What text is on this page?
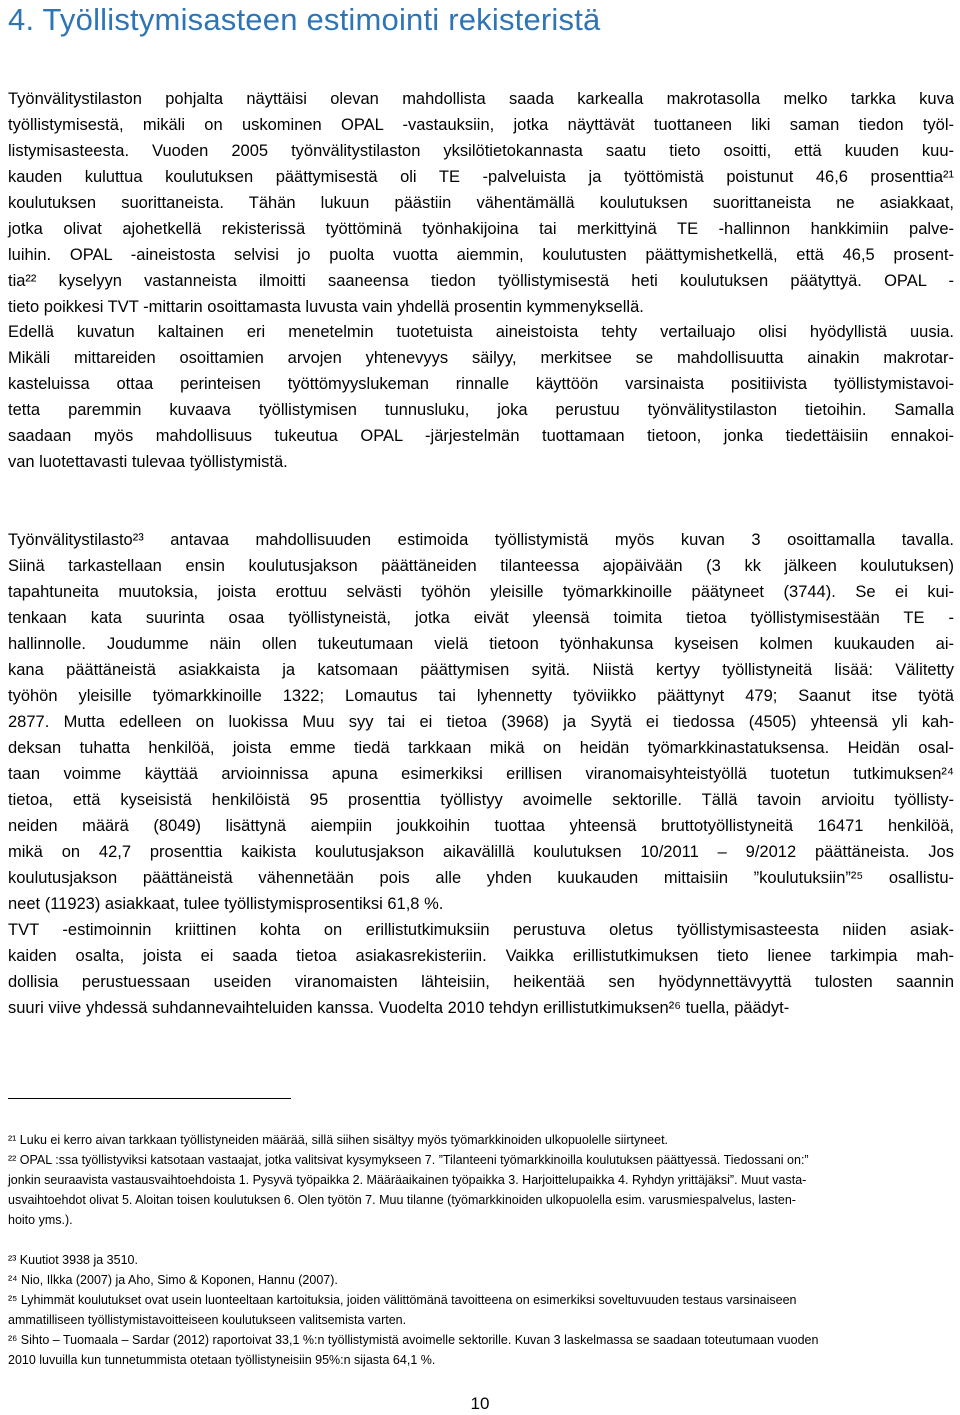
4. Työllistymisasteen estimointi rekisteristä
Työnvälitystilaston pohjalta näyttäisi olevan mahdollista saada karkealla makrotasolla melko tarkka kuva
työllistymisestä, mikäli on uskominen OPAL -vastauksiin, jotka näyttävät tuottaneen liki saman tiedon työl-
listymisasteesta. Vuoden 2005 työnvälitystilaston yksilötietokannasta saatu tieto osoitti, että kuuden kuu-
kauden kuluttua koulutuksen päättymisestä oli TE -palveluista ja työttömistä poistunut 46,6 prosenttia²¹
koulutuksen suorittaneista. Tähän lukuun päästiin vähentämällä koulutuksen suorittaneista ne asiakkaat,
jotka olivat ajohetkellä rekisterissä työttöminä työnhakijoina tai merkittyinä TE -hallinnon hankkimiin palve-
luihin. OPAL -aineistosta selvisi jo puolta vuotta aiemmin, koulutusten päättymishetkellä, että 46,5 prosent-
tia²² kyselyyn vastanneista ilmoitti saaneensa tiedon työllistymisestä heti koulutuksen päätyttyä. OPAL -
tieto poikkesi TVT -mittarin osoittamasta luvusta vain yhdellä prosentin kymmenyksellä.
Edellä kuvatun kaltainen eri menetelmin tuotetuista aineistoista tehty vertailuajo olisi hyödyllistä uusia.
Mikäli mittareiden osoittamien arvojen yhtenevyys säilyy, merkitsee se mahdollisuutta ainakin makrotar-
kasteluissa ottaa perinteisen työttömyyslukeman rinnalle käyttöön varsinaista positiivista työllistymistavoi-
tetta paremmin kuvaava työllistymisen tunnusluku, joka perustuu työnvälitystilaston tietoihin. Samalla
saadaan myös mahdollisuus tukeutua OPAL -järjestelmän tuottamaan tietoon, jonka tiedettäisiin ennakoi-
van luotettavasti tulevaa työllistymistä.
Työnvälitystilasto²³ antavaa mahdollisuuden estimoida työllistymistä myös kuvan 3 osoittamalla tavalla.
Siinä tarkastellaan ensin koulutusjakson päättäneiden tilanteessa ajopäivään (3 kk jälkeen koulutuksen)
tapahtuneita muutoksia, joista erottuu selvästi työhön yleisille työmarkkinoille päätyneet (3744). Se ei kui-
tenkaan kata suurinta osaa työllistyneistä, jotka eivät yleensä toimita tietoa työllistymisestään TE -
hallinnolle. Joudumme näin ollen tukeutumaan vielä tietoon työnhakunsa kyseisen kolmen kuukauden ai-
kana päättäneistä asiakkaista ja katsomaan päättymisen syitä. Niistä kertyy työllistyneitä lisää: Välitetty
työhön yleisille työmarkkinoille 1322; Lomautus tai lyhennetty työviikko päättynyt 479; Saanut itse työtä
2877. Mutta edelleen on luokissa Muu syy tai ei tietoa (3968) ja Syytä ei tiedossa (4505) yhteensä yli kah-
deksan tuhatta henkilöä, joista emme tiedä tarkkaan mikä on heidän työmarkkinastatuksensa. Heidän osal-
taan voimme käyttää arvioinnissa apuna esimerkiksi erillisen viranomaisyhteistyöllä tuotetun tutkimuksen²⁴
tietoa, että kyseisistä henkilöistä 95 prosenttia työllistyy avoimelle sektorille. Tällä tavoin arvioitu työllisty-
neiden määrä (8049) lisättynä aiempiin joukkoihin tuottaa yhteensä bruttotyöllistyneitä 16471 henkilöä,
mikä on 42,7 prosenttia kaikista koulutusjakson aikavälillä koulutuksen 10/2011 – 9/2012 päättäneista. Jos
koulutusjakson päättäneistä vähennetään pois alle yhden kuukauden mittaisiin ”koulutuksiin”²⁵ osallistu-
neet (11923) asiakkaat, tulee työllistymisprosentiksi 61,8 %.
TVT -estimoinnin kriittinen kohta on erillistutkimuksiin perustuva oletus työllistymisasteesta niiden asiak-
kaiden osalta, joista ei saada tietoa asiakasrekisteriin. Vaikka erillistutkimuksen tieto lienee tarkimpia mah-
dollisia perustuessaan useiden viranomaisten lähteisiin, heikentää sen hyödynnettävyyttä tulosten saannin
suuri viive yhdessä suhdannevaihteluiden kanssa. Vuodelta 2010 tehdyn erillistutkimuksen²⁶ tuella, päädyt-
²¹ Luku ei kerro aivan tarkkaan työllistyneiden määrää, sillä siihen sisältyy myös työmarkkinoiden ulkopuolelle siirtyneet.
²² OPAL :ssa työllistyviksi katsotaan vastaajat, jotka valitsivat kysymykseen 7. ”Tilanteeni työmarkkinoilla koulutuksen päättyessä. Tiedossani on:”
jonkin seuraavista vastausvaihtoehdoista 1. Pysyvä työpaikka 2. Määräaikainen työpaikka 3. Harjoittelupaikka 4. Ryhdyn yrittäjäksi”. Muut vasta-
usvaihtoehdot olivat 5. Aloitan toisen koulutuksen 6. Olen työtön 7. Muu tilanne (työmarkkinoiden ulkopuolella esim. varusmiespalvelus, lasten-
hoito yms.).
²³ Kuutiot 3938 ja 3510.
²⁴ Nio, Ilkka (2007) ja Aho, Simo & Koponen, Hannu (2007).
²⁵ Lyhimmät koulutukset ovat usein luonteeltaan kartoituksia, joiden välittömänä tavoitteena on esimerkiksi soveltuvuuden testaus varsinaiseen
ammatilliseen työllistymistavoitteiseen koulutukseen valitsemista varten.
²⁶ Sihto – Tuomaala – Sardar (2012) raportoivat 33,1 %:n työllistymistä avoimelle sektorille. Kuvan 3 laskelmassa se saadaan toteutumaan vuoden
2010 luvuilla kun tunnetummista otetaan työllistyneisiin 95%:n sijasta 64,1 %.
10
